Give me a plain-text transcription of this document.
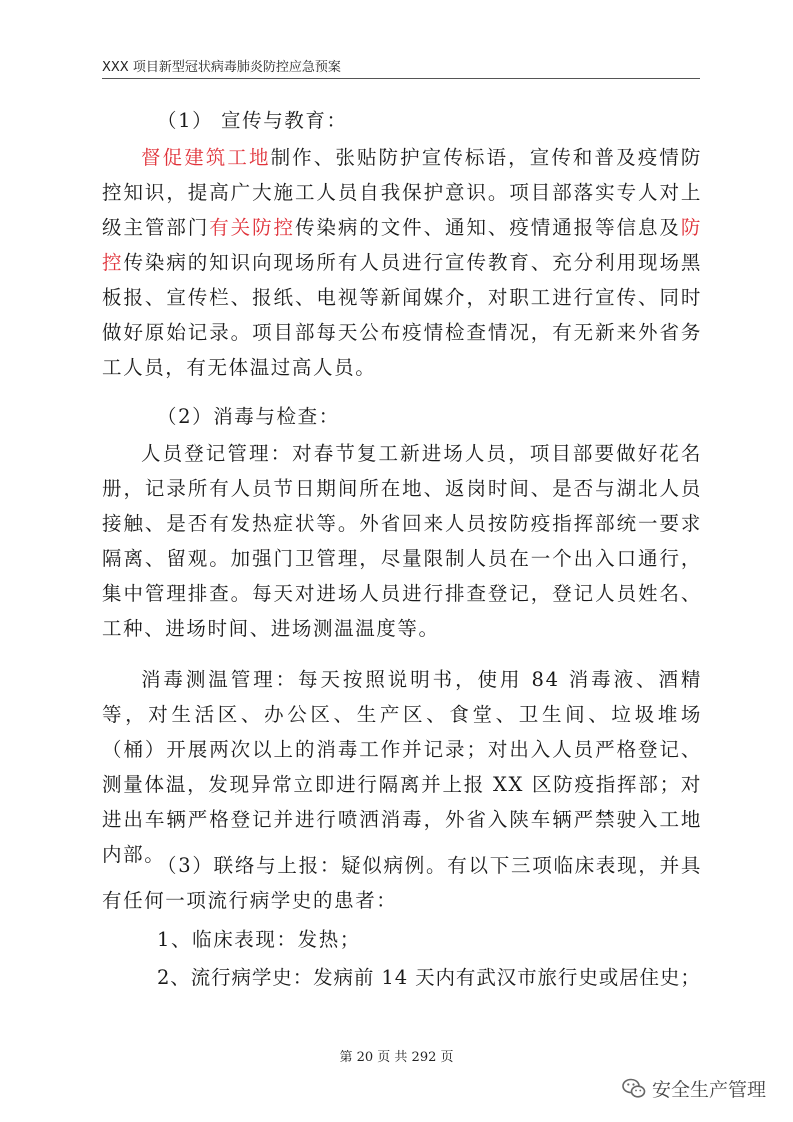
XXX 项目新型冠状病毒肺炎防控应急预案

（1） 宣传与教育：

督促建筑工地制作、张贴防护宣传标语，宣传和普及疫情防控知识，提高广大施工人员自我保护意识。项目部落实专人对上级主管部门有关防控传染病的文件、通知、疫情通报等信息及防控传染病的知识向现场所有人员进行宣传教育、充分利用现场黑板报、宣传栏、报纸、电视等新闻媒介，对职工进行宣传、同时做好原始记录。项目部每天公布疫情检查情况，有无新来外省务工人员，有无体温过高人员。

（2）消毒与检查：

人员登记管理：对春节复工新进场人员，项目部要做好花名册，记录所有人员节日期间所在地、返岗时间、是否与湖北人员接触、是否有发热症状等。外省回来人员按防疫指挥部统一要求隔离、留观。加强门卫管理，尽量限制人员在一个出入口通行，集中管理排查。每天对进场人员进行排查登记，登记人员姓名、工种、进场时间、进场测温温度等。

消毒测温管理：每天按照说明书，使用 84 消毒液、酒精等，对生活区、办公区、生产区、食堂、卫生间、垃圾堆场（桶）开展两次以上的消毒工作并记录；对出入人员严格登记、测量体温，发现异常立即进行隔离并上报 XX 区防疫指挥部；对进出车辆严格登记并进行喷洒消毒，外省入陕车辆严禁驶入工地内部。

（3）联络与上报：疑似病例。有以下三项临床表现，并具有任何一项流行病学史的患者：

1、临床表现：发热；

2、流行病学史：发病前 14 天内有武汉市旅行史或居住史；

第 20 页 共 292 页
安全生产管理
